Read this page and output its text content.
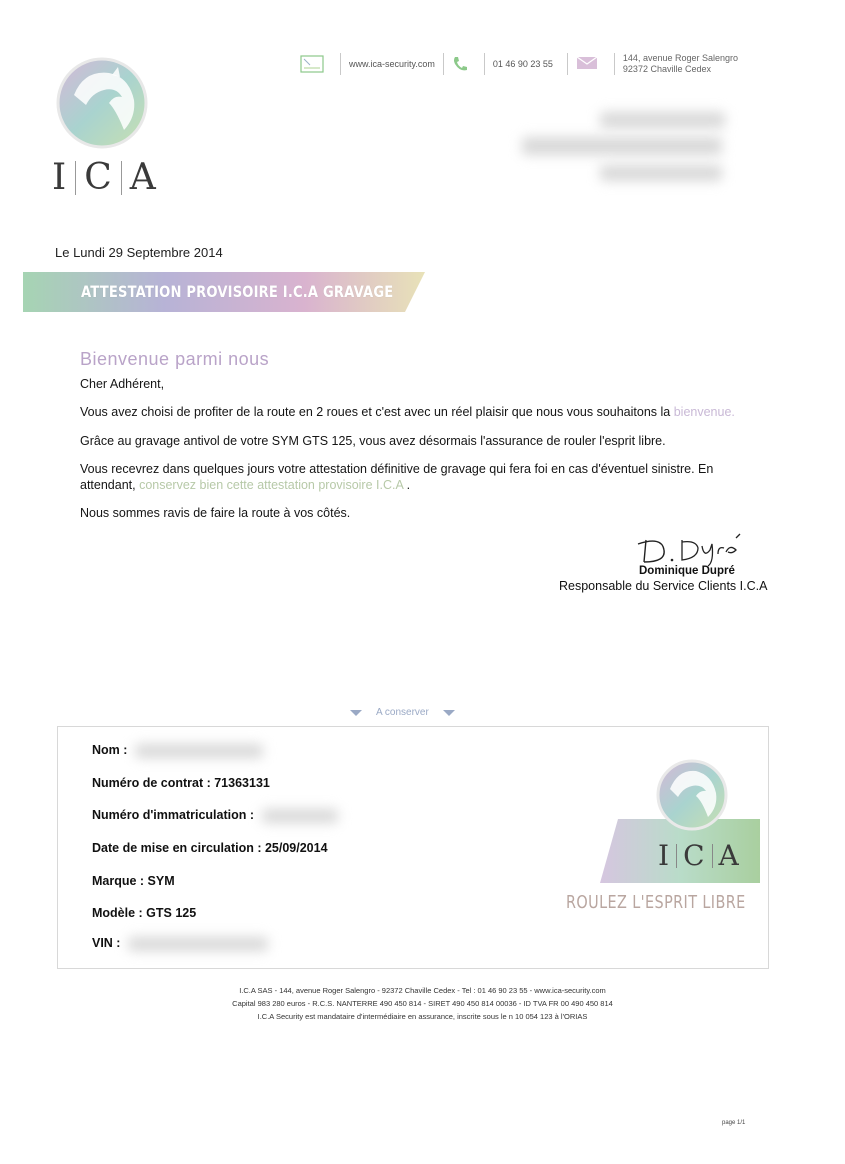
www.ica-security.com	01 46 90 23 55
144, avenue Roger Salengro
92372 Chaville Cedex
I C A
Le Lundi 29 Septembre 2014
ATTESTATION PROVISOIRE I.C.A GRAVAGE
Bienvenue parmi nous
Cher Adhérent,
Vous avez choisi de profiter de la route en 2 roues et c'est avec un réel plaisir que nous vous souhaitons la bienvenue.
Grâce au gravage antivol de votre SYM GTS 125, vous avez désormais l'assurance de rouler l'esprit libre.
Vous recevrez dans quelques jours votre attestation définitive de gravage qui fera foi en cas d'éventuel sinistre. En attendant, conservez bien cette attestation provisoire I.C.A .
Nous sommes ravis de faire la route à vos côtés.
Dominique Dupré
Responsable du Service Clients I.C.A
A conserver
Nom :
Numéro de contrat : 71363131
Numéro d'immatriculation :
Date de mise en circulation : 25/09/2014
Marque : SYM
Modèle : GTS 125
VIN :
I C A
ROULEZ L'ESPRIT LIBRE
I.C.A SAS - 144, avenue Roger Salengro - 92372 Chaville Cedex - Tel : 01 46 90 23 55 - www.ica-security.com
Capital 983 280 euros - R.C.S. NANTERRE 490 450 814 - SIRET 490 450 814 00036 - ID TVA FR 00 490 450 814
I.C.A Security est mandataire d'intermédiaire en assurance, inscrite sous le n 10 054 123 à l'ORIAS
page 1/1
